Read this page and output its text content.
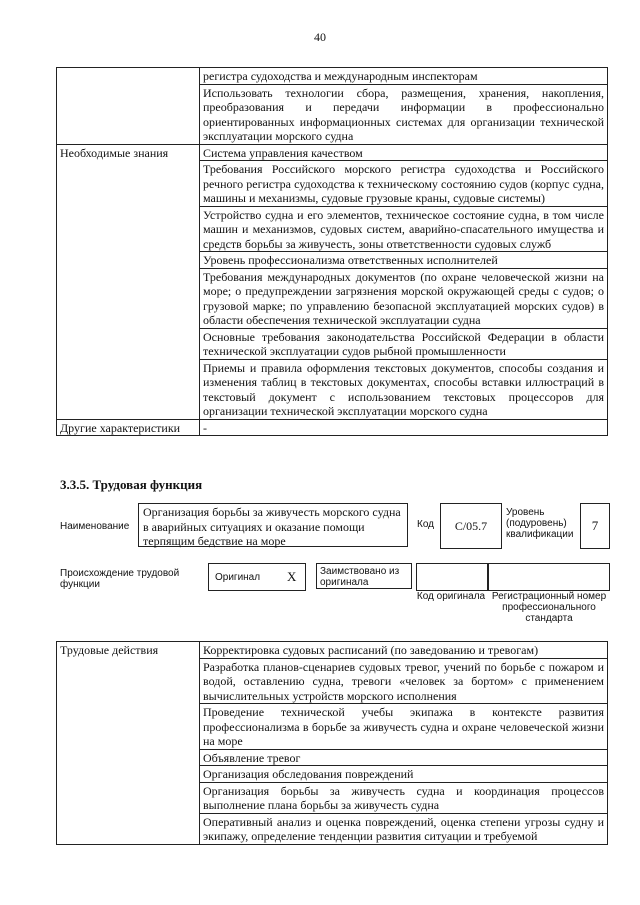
40
	регистра судоходства и международным инспекторам
	Использовать технологии сбора, размещения, хранения, накопления, преобразования и передачи информации в профессионально ориентированных информационных системах для организации технической эксплуатации морского судна
Необходимые знания	Система управления качеством
	Требования Российского морского регистра судоходства и Российского речного регистра судоходства к техническому состоянию судов (корпус судна, машины и механизмы, судовые грузовые краны, судовые системы)
	Устройство судна и его элементов, техническое состояние судна, в том числе машин и механизмов, судовых систем, аварийно-спасательного имущества и средств борьбы за живучесть, зоны ответственности судовых служб
	Уровень профессионализма ответственных исполнителей
	Требования международных документов (по охране человеческой жизни на море; о предупреждении загрязнения морской окружающей среды с судов; о грузовой марке; по управлению безопасной эксплуатацией морских судов) в области обеспечения технической эксплуатации судна
	Основные требования законодательства Российской Федерации в области технической эксплуатации судов рыбной промышленности
	Приемы и правила оформления текстовых документов, способы создания и изменения таблиц в текстовых документах, способы вставки иллюстраций в текстовый документ с использованием текстовых процессоров для организации технической эксплуатации морского судна
Другие характеристики	-
3.3.5. Трудовая функция
Наименование
Организация борьбы за живучесть морского судна в аварийных ситуациях и оказание помощи терпящим бедствие на море
Код	C/05.7
Уровень (подуровень) квалификации
7
Происхождение трудовой функции
Оригинал X	Заимствовано из оригинала
Код оригинала Регистрационный номер профессионального стандарта
Трудовые действия	Корректировка судовых расписаний (по заведованию и тревогам)
Разработка планов-сценариев судовых тревог, учений по борьбе с пожаром и водой, оставлению судна, тревоги «человек за бортом» с применением вычислительных устройств морского исполнения
Проведение технической учебы экипажа в контексте развития профессионализма в борьбе за живучесть судна и охране человеческой жизни на море
Объявление тревог
Организация обследования повреждений
Организация борьбы за живучесть судна и координация процессов выполнение плана борьбы за живучесть судна
Оперативный анализ и оценка повреждений, оценка степени угрозы судну и экипажу, определение тенденции развития ситуации и требуемой
